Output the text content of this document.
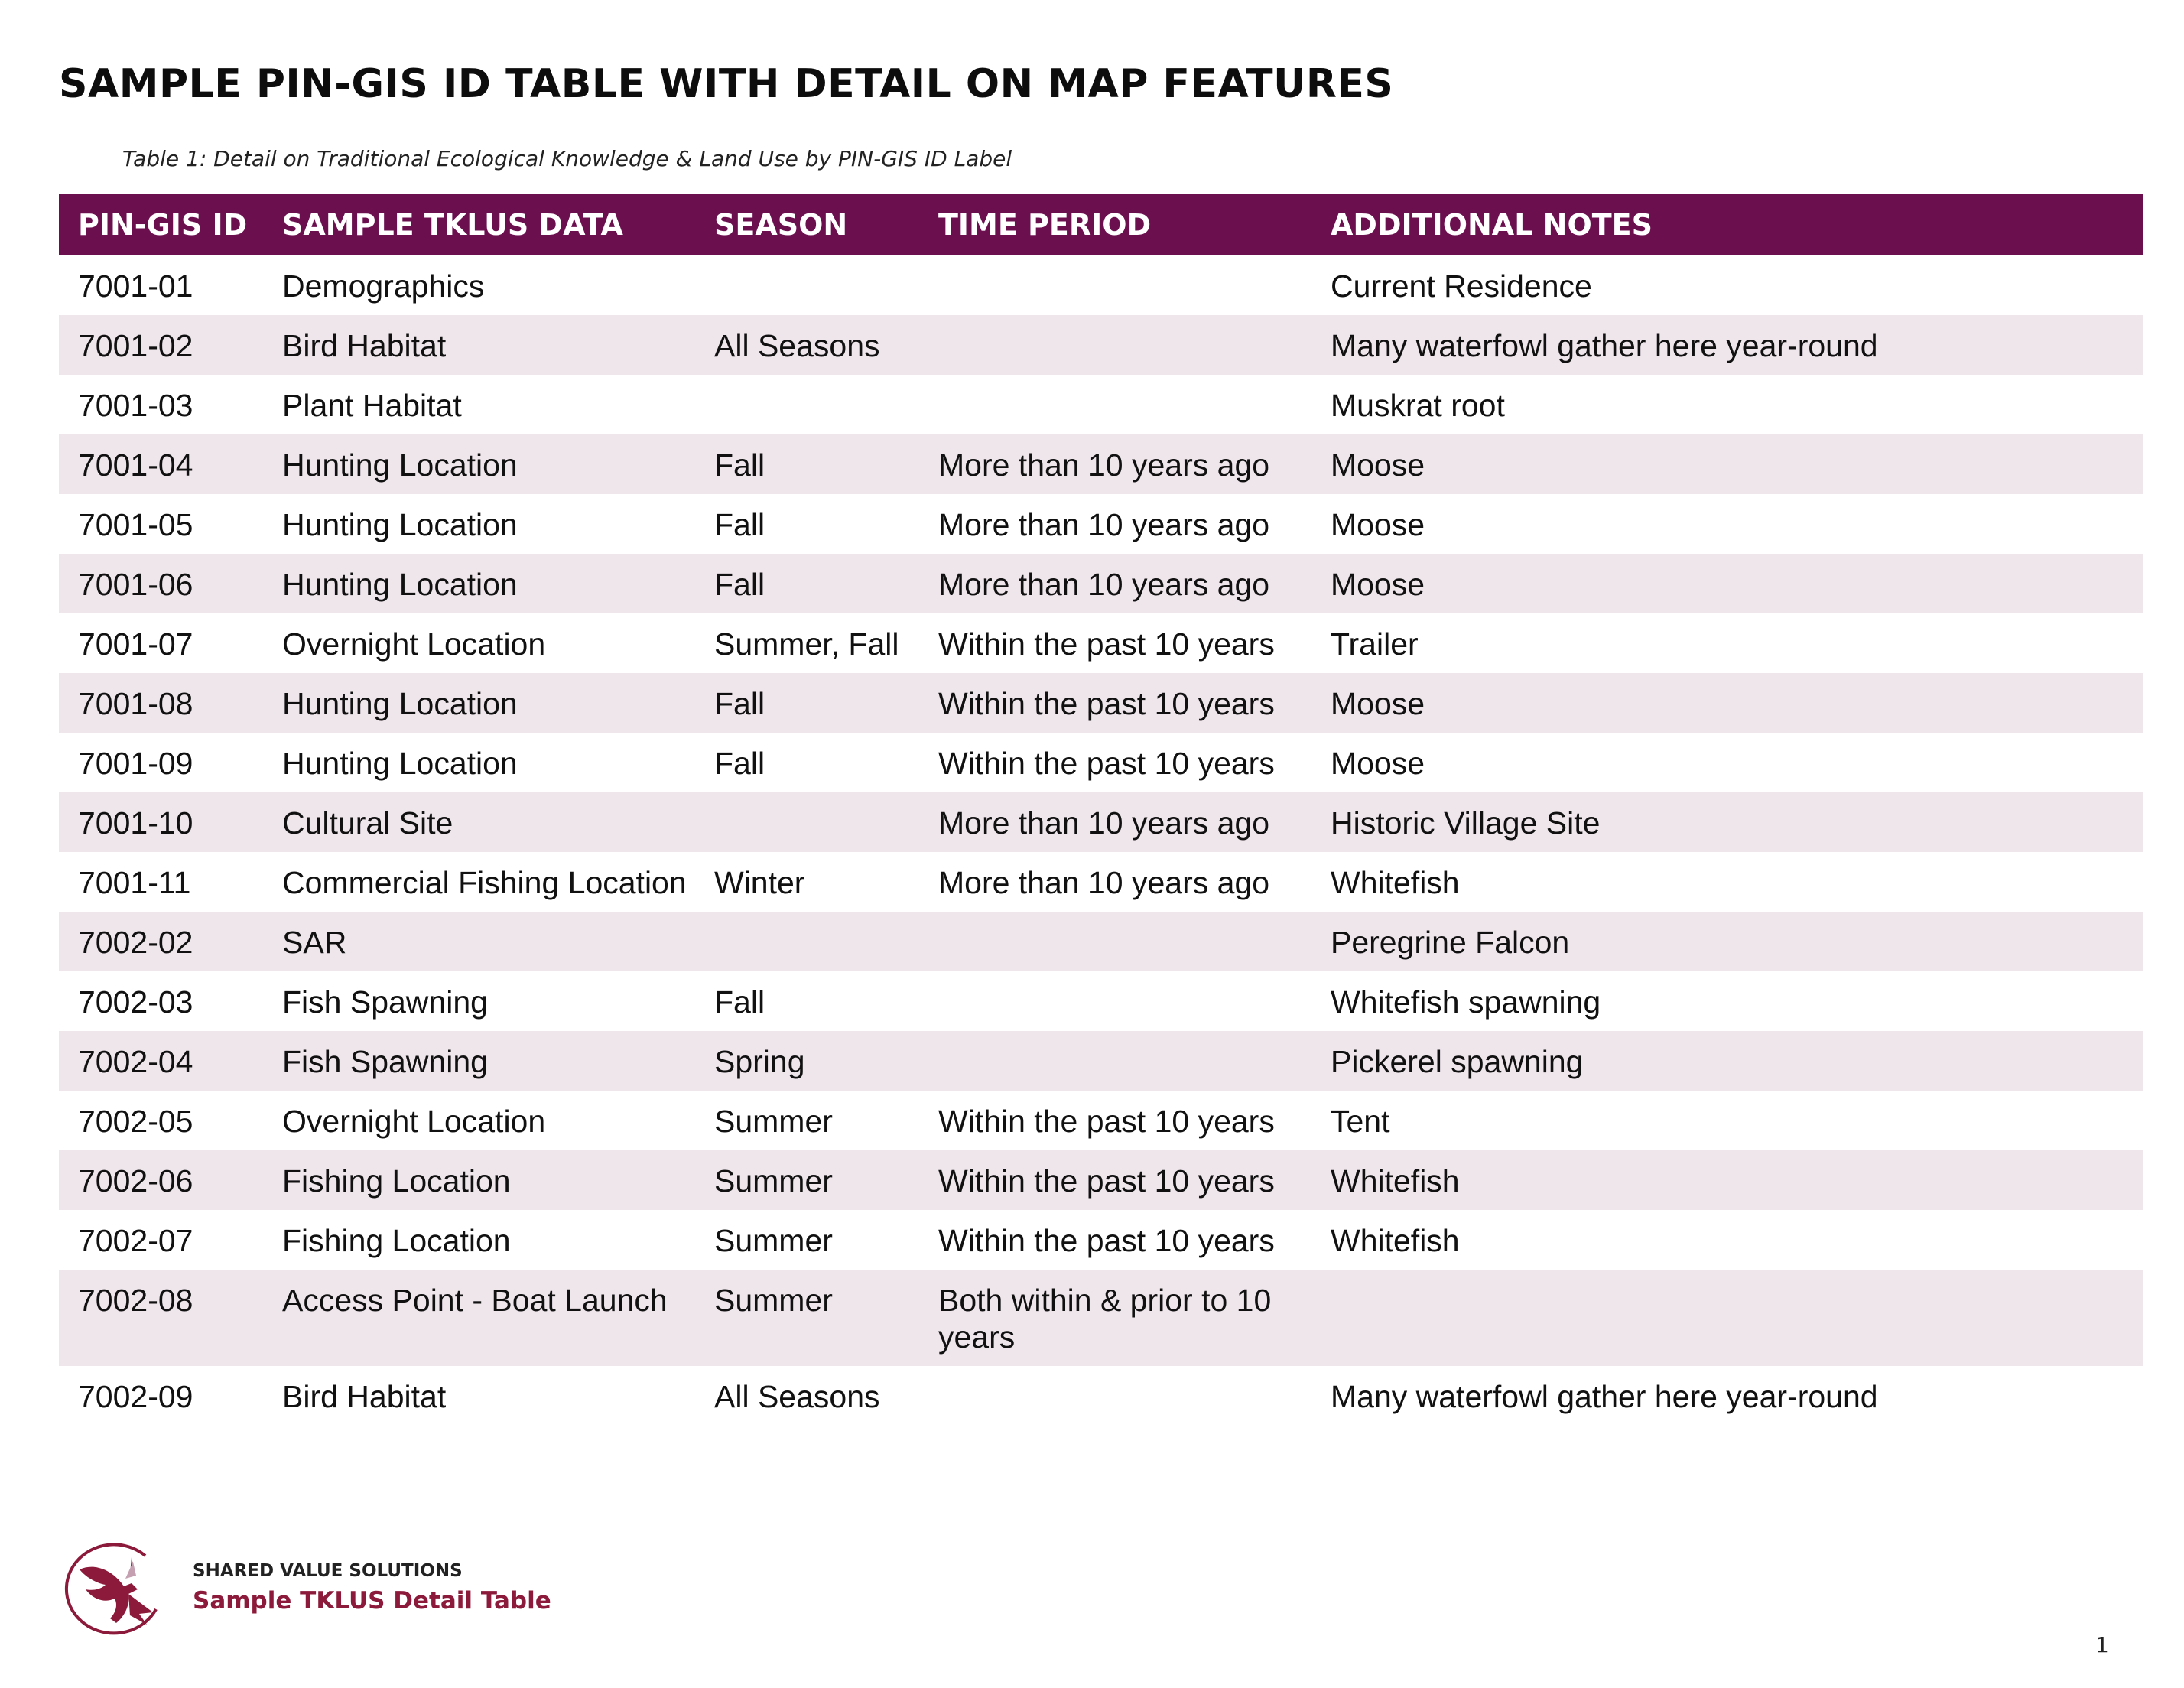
SAMPLE PIN-GIS ID TABLE WITH DETAIL ON MAP FEATURES
Table 1: Detail on Traditional Ecological Knowledge & Land Use by PIN-GIS ID Label
PIN-GIS ID	SAMPLE TKLUS DATA	SEASON	TIME PERIOD	ADDITIONAL NOTES
7001-01	Demographics			Current Residence
7001-02	Bird Habitat	All Seasons		Many waterfowl gather here year-round
7001-03	Plant Habitat			Muskrat root
7001-04	Hunting Location	Fall	More than 10 years ago	Moose
7001-05	Hunting Location	Fall	More than 10 years ago	Moose
7001-06	Hunting Location	Fall	More than 10 years ago	Moose
7001-07	Overnight Location	Summer, Fall	Within the past 10 years	Trailer
7001-08	Hunting Location	Fall	Within the past 10 years	Moose
7001-09	Hunting Location	Fall	Within the past 10 years	Moose
7001-10	Cultural Site		More than 10 years ago	Historic Village Site
7001-11	Commercial Fishing Location	Winter	More than 10 years ago	Whitefish
7002-02	SAR			Peregrine Falcon
7002-03	Fish Spawning	Fall		Whitefish spawning
7002-04	Fish Spawning	Spring		Pickerel spawning
7002-05	Overnight Location	Summer	Within the past 10 years	Tent
7002-06	Fishing Location	Summer	Within the past 10 years	Whitefish
7002-07	Fishing Location	Summer	Within the past 10 years	Whitefish
7002-08	Access Point - Boat Launch	Summer	Both within & prior to 10 years	
7002-09	Bird Habitat	All Seasons		Many waterfowl gather here year-round
SHARED VALUE SOLUTIONS
Sample TKLUS Detail Table
1
